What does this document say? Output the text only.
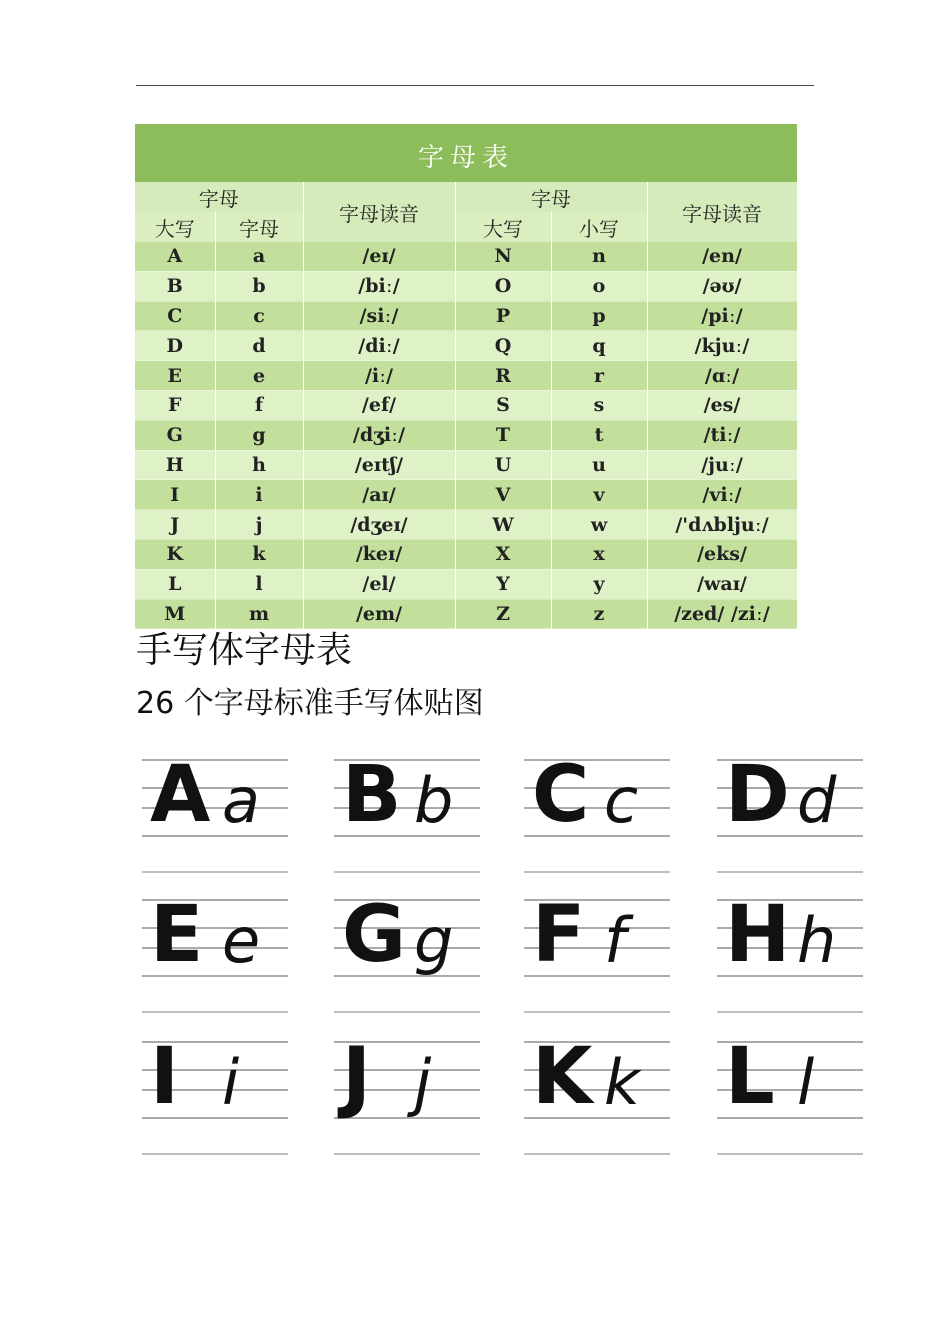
字母表
字母		字母读音	字母		字母读音
大写	字母		大写	小写	
A	a	/eɪ/	N	n	/en/
B	b	/biː/	O	o	/əʊ/
C	c	/siː/	P	p	/piː/
D	d	/diː/	Q	q	/kjuː/
E	e	/iː/	R	r	/ɑː/
F	f	/ef/	S	s	/es/
G	g	/dʒiː/	T	t	/tiː/
H	h	/eɪtʃ/	U	u	/juː/
I	i	/aɪ/	V	v	/viː/
J	j	/dʒeɪ/	W	w	/'dʌbljuː/
K	k	/keɪ/	X	x	/eks/
L	l	/el/	Y	y	/waɪ/
M	m	/em/	Z	z	/zed/ /ziː/
手写体字母表
26 个字母标准手写体贴图
A a B b C c D d
E e G g F f H h
I i J j K k L l
